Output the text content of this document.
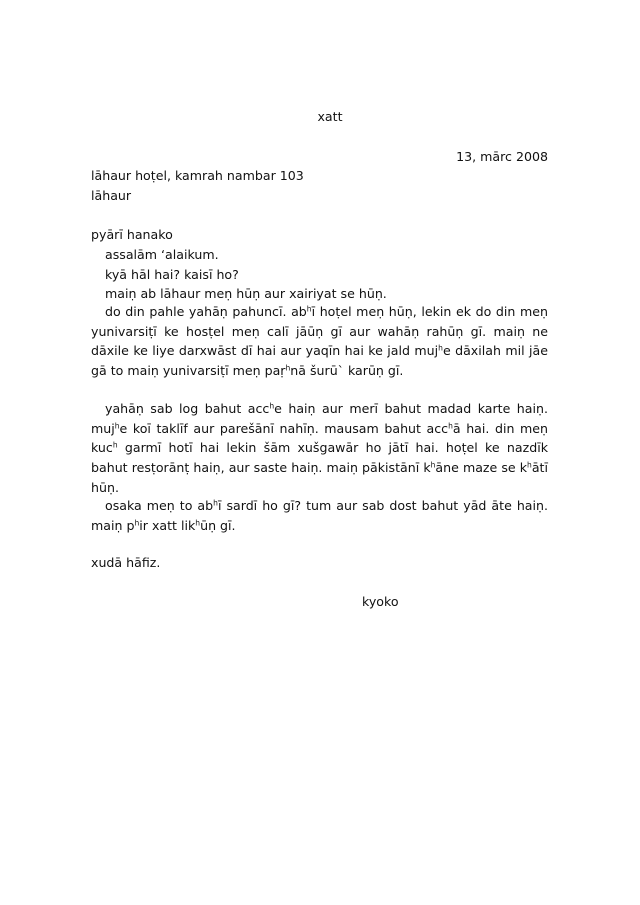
xatt
13, mārc 2008
lāhaur hoṭel, kamrah nambar 103
lāhaur
pyārī hanako
assalām ‘alaikum.
kyā hāl hai? kaisī ho?
maiṇ ab lāhaur meṇ hūṇ aur xairiyat se hūṇ.
do din pahle yahāṇ pahuncī. $ab^hī$ hoṭel meṇ hūṇ, lekin ek do din meṇ yunivarsiṭī ke hosṭel meṇ calī jāūṇ gī aur wahāṇ rahūṇ gī. maiṇ ne dāxile ke liye darxwāst dī hai aur yaqīn hai ke jald muj$^h$e dāxilah mil jāe gā to maiṇ yunivarsiṭī meṇ paṛ$^h$nā šurū` karūṇ gī.
yahāṇ sab log bahut acc$^h$e haiṇ aur merī bahut madad karte haiṇ. muj$^h$e koī taklīf aur parešānī nahīṇ. mausam bahut acc$^h$ā hai. din meṇ kuc$^h$ garmī hotī hai lekin šām xušgawār ho jātī hai. hoṭel ke nazdīk bahut resṭorānṭ haiṇ, aur saste haiṇ. maiṇ pākistānī $k^hāne$ maze se $k^hātī$ hūṇ.
osaka meṇ to $ab^hī$ sardī ho gī? tum aur sab dost bahut yād āte haiṇ. maiṇ $p^hir$ xatt lik$^h$ūṇ gī.
xudā hāfiz.
kyoko
